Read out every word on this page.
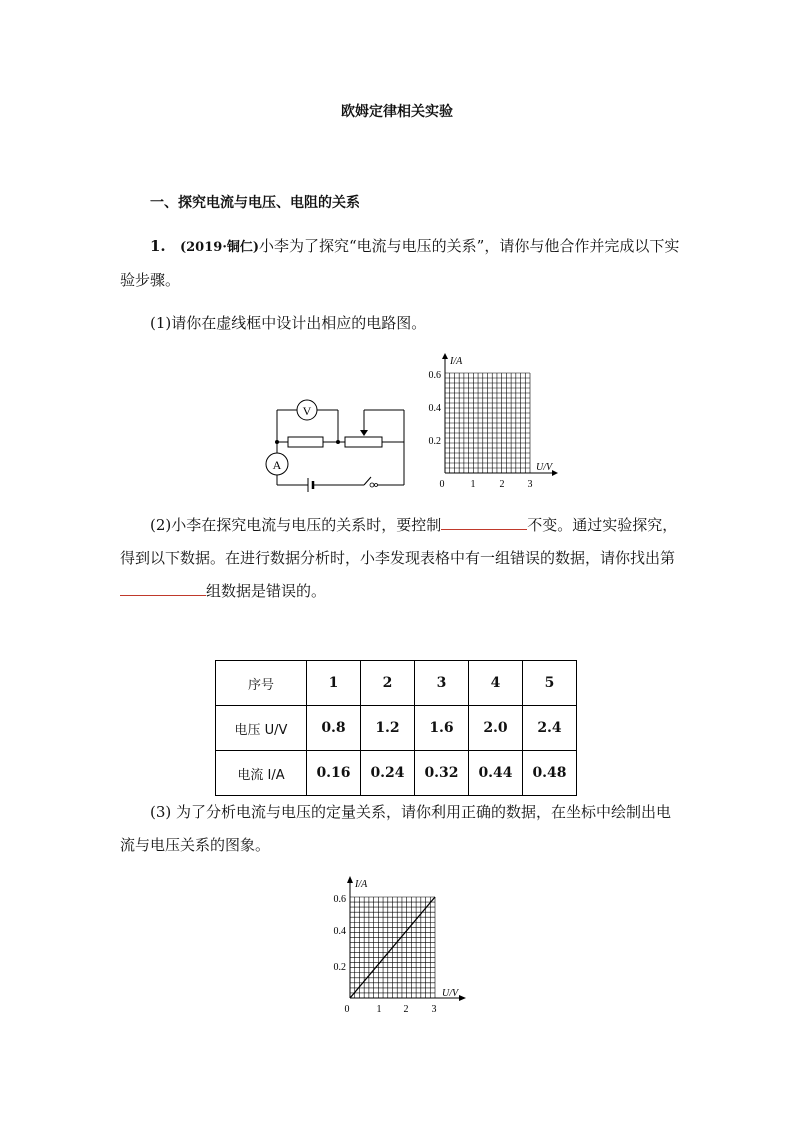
欧姆定律相关实验
一、探究电流与电压、电阻的关系
1. (2019·铜仁)小李为了探究“电流与电压的关系”，请你与他合作并完成以下实验步骤。
(1)请你在虚线框中设计出相应的电路图。
V
A
I/A
U/V
0.6
0.4
0.2
0	1 2 3
(2)小李在探究电流与电压的关系时，要控制	不变。通过实验探究，得到以下数据。在进行数据分析时，小李发现表格中有一组错误的数据，请你找出第组数据是错误的。
序号	1	2	3	4	5
电压 U/V	0.8	1.2	1.6	2.0	2.4
电流 I/A	0.16	0.24	0.32	0.44	0.48
(3) 为了分析电流与电压的定量关系，请你利用正确的数据，在坐标中绘制出电流与电压关系的图象。
I/A
U/V
0.6
0.4
0.2
0	1 2 3
